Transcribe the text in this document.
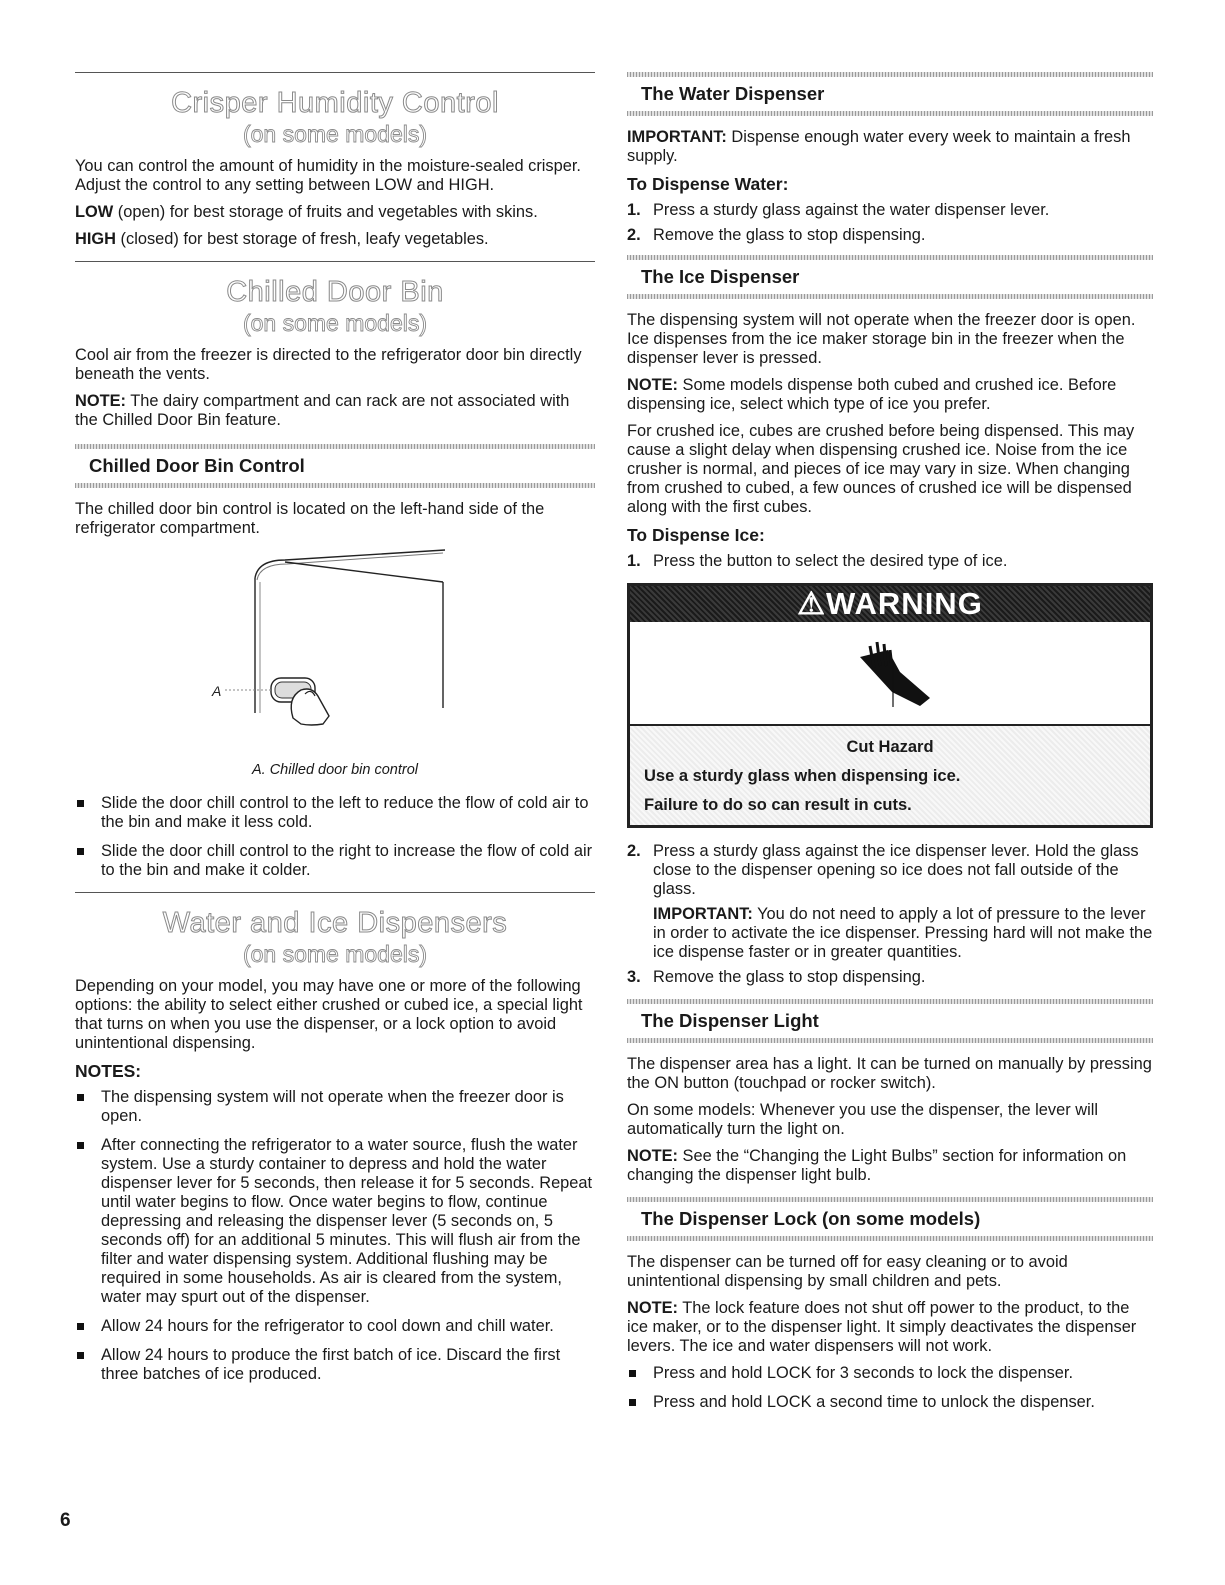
Crisper Humidity Control
(on some models)

You can control the amount of humidity in the moisture-sealed crisper. Adjust the control to any setting between LOW and HIGH.

LOW (open) for best storage of fruits and vegetables with skins.

HIGH (closed) for best storage of fresh, leafy vegetables.

Chilled Door Bin
(on some models)

Cool air from the freezer is directed to the refrigerator door bin directly beneath the vents.

NOTE: The dairy compartment and can rack are not associated with the Chilled Door Bin feature.

Chilled Door Bin Control

The chilled door bin control is located on the left-hand side of the refrigerator compartment.

A
A. Chilled door bin control
Slide the door chill control to the left to reduce the flow of cold air to the bin and make it less cold.
Slide the door chill control to the right to increase the flow of cold air to the bin and make it colder.
Water and Ice Dispensers
(on some models)

Depending on your model, you may have one or more of the following options: the ability to select either crushed or cubed ice, a special light that turns on when you use the dispenser, or a lock option to avoid unintentional dispensing.

NOTES:
The dispensing system will not operate when the freezer door is open.
After connecting the refrigerator to a water source, flush the water system. Use a sturdy container to depress and hold the water dispenser lever for 5 seconds, then release it for 5 seconds. Repeat until water begins to flow. Once water begins to flow, continue depressing and releasing the dispenser lever (5 seconds on, 5 seconds off) for an additional 5 minutes. This will flush air from the filter and water dispensing system. Additional flushing may be required in some households. As air is cleared from the system, water may spurt out of the dispenser.
Allow 24 hours for the refrigerator to cool down and chill water.
Allow 24 hours to produce the first batch of ice. Discard the first three batches of ice produced.
The Water Dispenser

IMPORTANT: Dispense enough water every week to maintain a fresh supply.

To Dispense Water:
1. Press a sturdy glass against the water dispenser lever.
2. Remove the glass to stop dispensing.
The Ice Dispenser

The dispensing system will not operate when the freezer door is open. Ice dispenses from the ice maker storage bin in the freezer when the dispenser lever is pressed.

NOTE: Some models dispense both cubed and crushed ice. Before dispensing ice, select which type of ice you prefer.

For crushed ice, cubes are crushed before being dispensed. This may cause a slight delay when dispensing crushed ice. Noise from the ice crusher is normal, and pieces of ice may vary in size. When changing from crushed to cubed, a few ounces of crushed ice will be dispensed along with the first cubes.

To Dispense Ice:
1. Press the button to select the desired type of ice.
⚠WARNING
Cut Hazard
Use a sturdy glass when dispensing ice.
Failure to do so can result in cuts.
2. Press a sturdy glass against the ice dispenser lever. Hold the glass close to the dispenser opening so ice does not fall outside of the glass.

IMPORTANT: You do not need to apply a lot of pressure to the lever in order to activate the ice dispenser. Pressing hard will not make the ice dispense faster or in greater quantities.

3. Remove the glass to stop dispensing.
The Dispenser Light

The dispenser area has a light. It can be turned on manually by pressing the ON button (touchpad or rocker switch).

On some models: Whenever you use the dispenser, the lever will automatically turn the light on.

NOTE: See the “Changing the Light Bulbs” section for information on changing the dispenser light bulb.

The Dispenser Lock (on some models)

The dispenser can be turned off for easy cleaning or to avoid unintentional dispensing by small children and pets.

NOTE: The lock feature does not shut off power to the product, to the ice maker, or to the dispenser light. It simply deactivates the dispenser levers. The ice and water dispensers will not work.

Press and hold LOCK for 3 seconds to lock the dispenser.
Press and hold LOCK a second time to unlock the dispenser.
6
